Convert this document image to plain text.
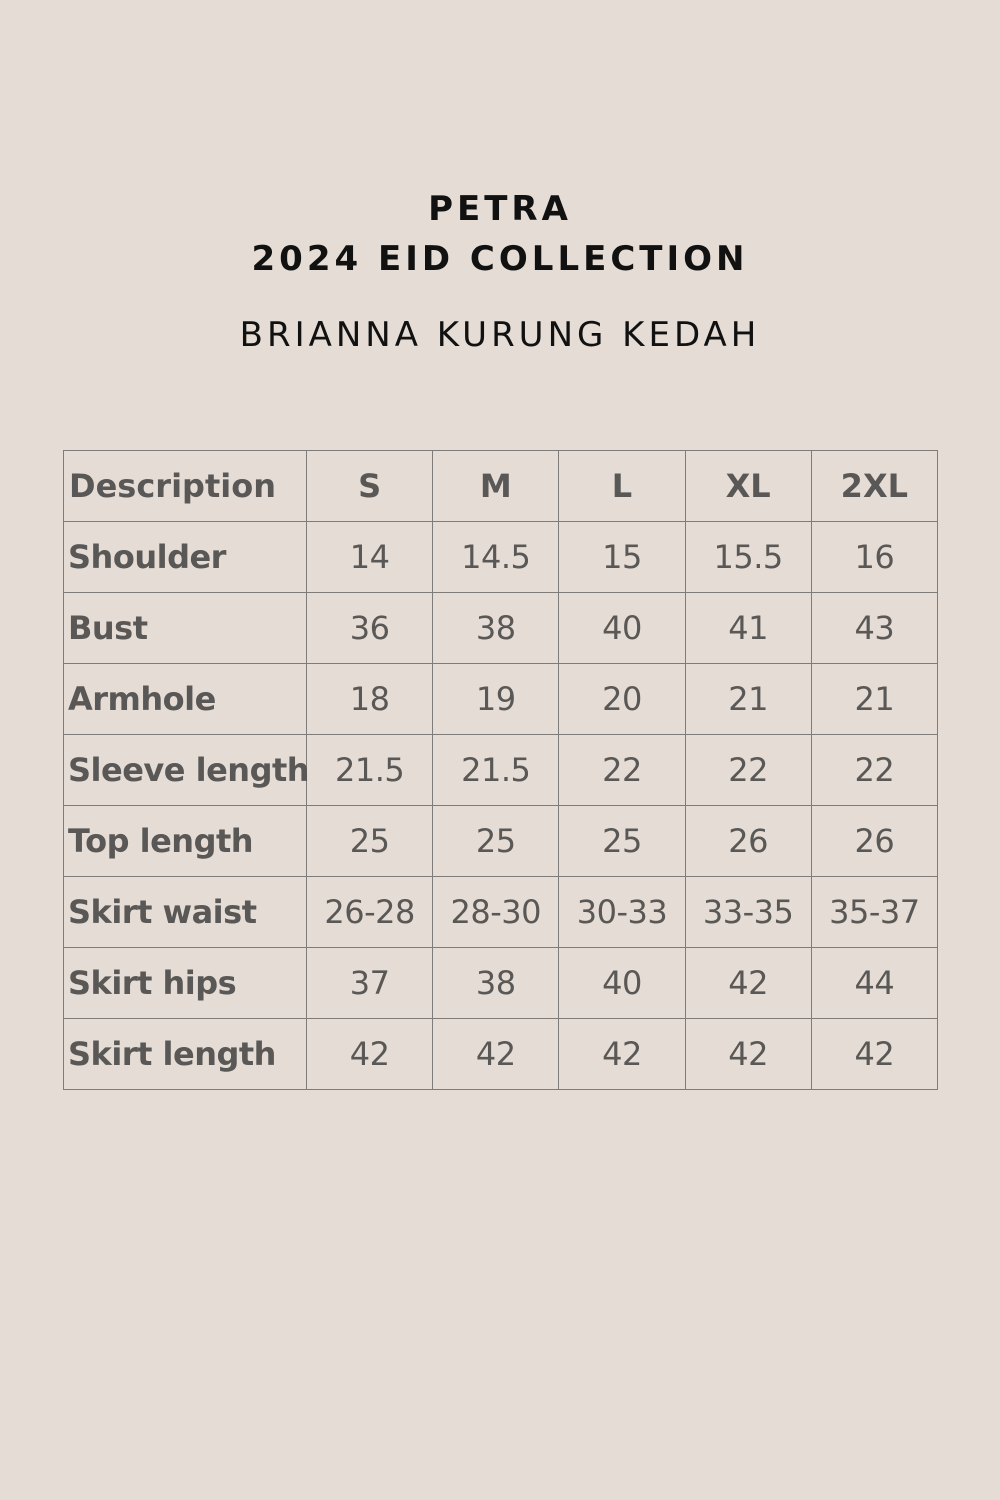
PETRA

2024 EID COLLECTION

BRIANNA KURUNG KEDAH

Description	S	M	L	XL	2XL
Shoulder	14	14.5	15	15.5	16
Bust	36	38	40	41	43
Armhole	18	19	20	21	21
Sleeve length	21.5	21.5	22	22	22
Top length	25	25	25	26	26
Skirt waist	26-28	28-30	30-33	33-35	35-37
Skirt hips	37	38	40	42	44
Skirt length	42	42	42	42	42
